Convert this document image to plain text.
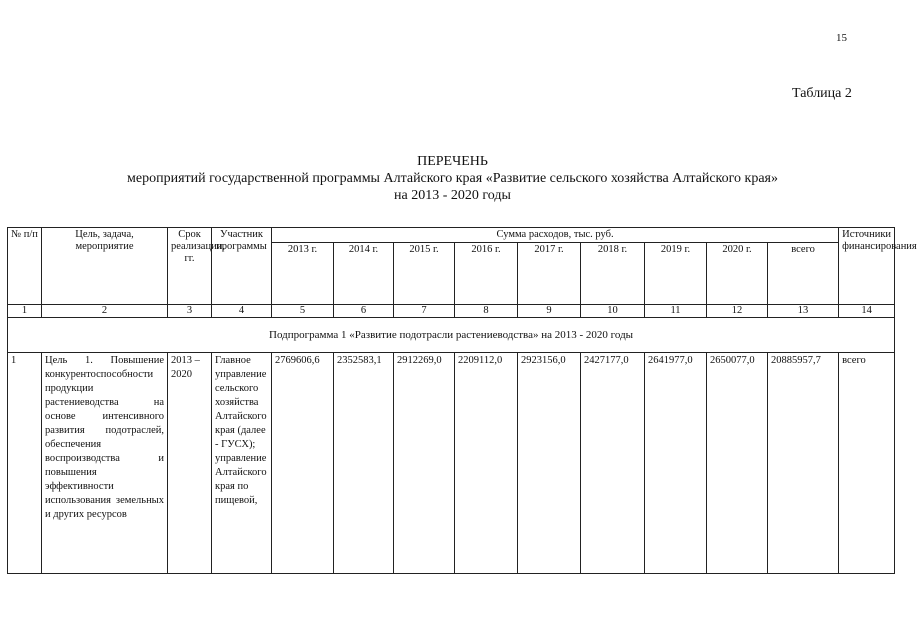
15
Таблица 2
ПЕРЕЧЕНЬ
мероприятий государственной программы Алтайского края «Развитие сельского хозяйства Алтайского края»
на 2013 - 2020 годы
№ п/п	Цель, задача, мероприятие	Срок реализации, гг.	Участник программы	Сумма расходов, тыс. руб.									Источники финансирования
				2013 г.	2014 г.	2015 г.	2016 г.	2017 г.	2018 г.	2019 г.	2020 г.	всего	
1	2	3	4	5	6	7	8	9	10	11	12	13	14
Подпрограмма 1 «Развитие подотрасли растениеводства» на 2013 - 2020 годы													
1	Цель 1. Повышение конкурентоспособности продукции растениеводства на основе интенсивного развития подотраслей, обеспечения воспроизводства и повышения эффективности использования земельных и других ресурсов	2013 – 2020	Главное управление сельского хозяйства Алтайского края (далее - ГУСХ); управление Алтайского края по пищевой,	2769606,6	2352583,1	2912269,0	2209112,0	2923156,0	2427177,0	2641977,0	2650077,0	20885957,7	всего
